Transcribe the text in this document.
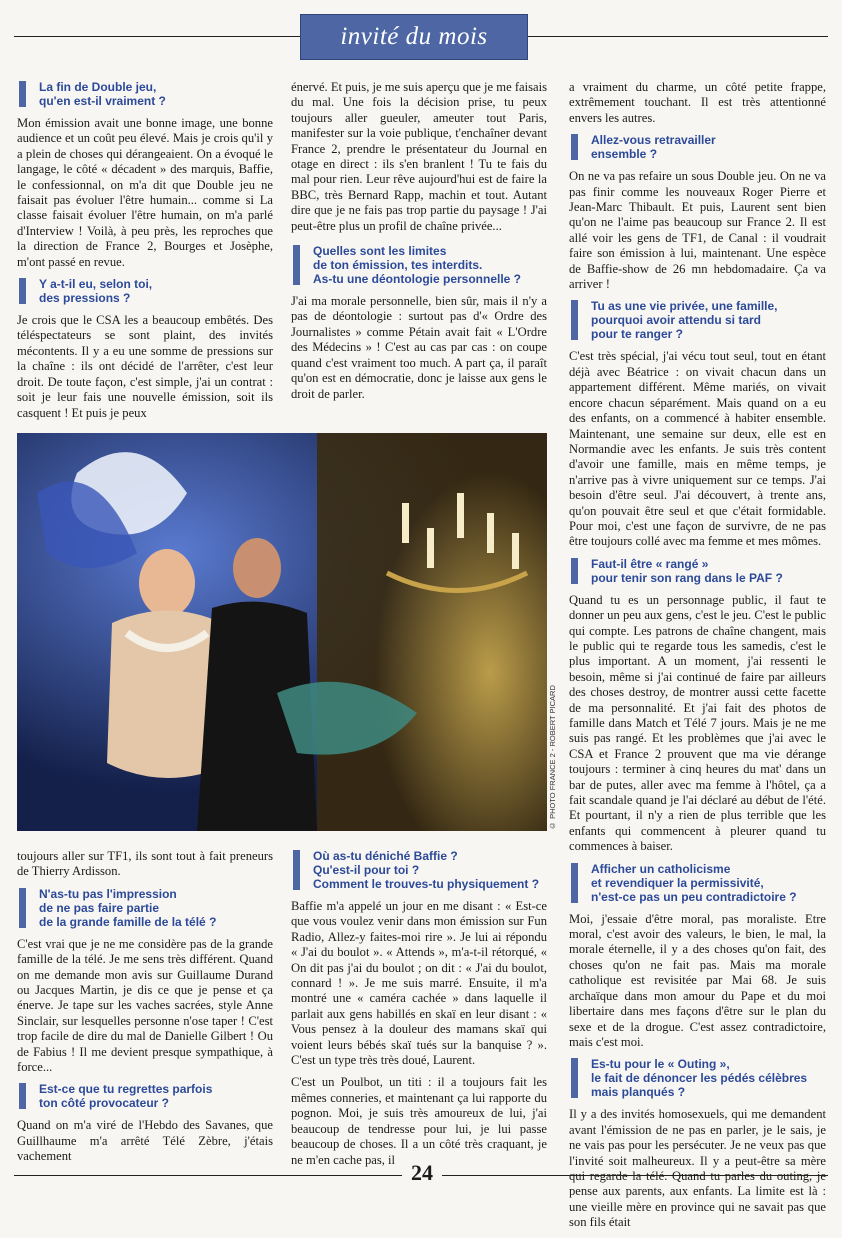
invité du mois
La fin de Double jeu,
qu'en est-il vraiment ?

Mon émission avait une bonne image, une bonne audience et un coût peu élevé. Mais je crois qu'il y a plein de choses qui dérangeaient. On a évoqué le langage, le côté « décadent » des marquis, Baffie, le confessionnal, on m'a dit que Double jeu ne faisait pas évoluer l'être humain... comme si La classe faisait évoluer l'être humain, on m'a parlé d'Interview ! Voilà, à peu près, les reproches que la direction de France 2, Bourges et Josèphe, m'ont passé en revue.

Y a-t-il eu, selon toi,
des pressions ?

Je crois que le CSA les a beaucoup embêtés. Des téléspectateurs se sont plaint, des invités mécontents. Il y a eu une somme de pressions sur la chaîne : ils ont décidé de l'arrêter, c'est leur droit. De toute façon, c'est simple, j'ai un contrat : soit je leur fais une nouvelle émission, soit ils casquent ! Et puis je peux

énervé. Et puis, je me suis aperçu que je me faisais du mal. Une fois la décision prise, tu peux toujours aller gueuler, ameuter tout Paris, manifester sur la voie publique, t'enchaîner devant France 2, prendre le présentateur du Journal en otage en direct : ils s'en branlent ! Tu te fais du mal pour rien. Leur rêve aujourd'hui est de faire la BBC, très Bernard Rapp, machin et tout. Autant dire que je ne fais pas trop partie du paysage ! J'ai peut-être plus un profil de chaîne privée...

Quelles sont les limites
de ton émission, tes interdits.
As-tu une déontologie personnelle ?

J'ai ma morale personnelle, bien sûr, mais il n'y a pas de déontologie : surtout pas d'« Ordre des Journalistes » comme Pétain avait fait « L'Ordre des Médecins » ! C'est au cas par cas : on coupe quand c'est vraiment too much. A part ça, il paraît qu'on est en démocratie, donc je laisse aux gens le droit de parler.

© PHOTO FRANCE 2 - ROBERT PICARD

a vraiment du charme, un côté petite frappe, extrêmement touchant. Il est très attentionné envers les autres.

Allez-vous retravailler
ensemble ?

On ne va pas refaire un sous Double jeu. On ne va pas finir comme les nouveaux Roger Pierre et Jean-Marc Thibault. Et puis, Laurent sent bien qu'on ne l'aime pas beaucoup sur France 2. Il est allé voir les gens de TF1, de Canal : il voudrait faire son émission à lui, maintenant. Une espèce de Baffie-show de 26 mn hebdomadaire. Ça va arriver !

Tu as une vie privée, une famille,
pourquoi avoir attendu si tard
pour te ranger ?

C'est très spécial, j'ai vécu tout seul, tout en étant déjà avec Béatrice : on vivait chacun dans un appartement différent. Même mariés, on vivait encore chacun séparément. Mais quand on a eu des enfants, on a commencé à habiter ensemble. Maintenant, une semaine sur deux, elle est en Normandie avec les enfants. Je suis très content d'avoir une famille, mais en même temps, je n'arrive pas à vivre uniquement sur ce temps. J'ai besoin d'être seul. J'ai découvert, à trente ans, qu'on pouvait être seul et que c'était formidable. Pour moi, c'est une façon de survivre, de ne pas être toujours collé avec ma femme et mes mômes.

Faut-il être « rangé »
pour tenir son rang dans le PAF ?

Quand tu es un personnage public, il faut te donner un peu aux gens, c'est le jeu. C'est le public qui compte. Les patrons de chaîne changent, mais le public qui te regarde tous les samedis, c'est le plus important. A un moment, j'ai ressenti le besoin, même si j'ai continué de faire par ailleurs des choses destroy, de montrer aussi cette facette de ma personnalité. Et j'ai fait des photos de famille dans Match et Télé 7 jours. Mais je ne me suis pas rangé. Et les problèmes que j'ai avec le CSA et France 2 prouvent que ma vie dérange toujours : terminer à cinq heures du mat' dans un bar de putes, aller avec ma femme à l'hôtel, ça a fait scandale quand je l'ai déclaré au début de l'été. Et pourtant, il n'y a rien de plus terrible que les enfants qui commencent à pleurer quand tu commences à baiser.

Afficher un catholicisme
et revendiquer la permissivité,
n'est-ce pas un peu contradictoire ?

Moi, j'essaie d'être moral, pas moraliste. Etre moral, c'est avoir des valeurs, le bien, le mal, la morale éternelle, il y a des choses qu'on fait, des choses qu'on ne fait pas. Mais ma morale catholique est revisitée par Mai 68. Je suis archaïque dans mon amour du Pape et du moi libertaire dans mes façons d'être sur le plan du sexe et de la drogue. C'est assez contradictoire, mais c'est moi.

Es-tu pour le « Outing »,
le fait de dénoncer les pédés célèbres
mais planqués ?

Il y a des invités homosexuels, qui me demandent avant l'émission de ne pas en parler, je le sais, je ne vais pas pour les persécuter. Je ne veux pas que l'invité soit malheureux. Il y a peut-être sa mère qui regarde la télé. Quand tu parles du outing, je pense aux parents, aux enfants. La limite est là : une vieille mère en province qui ne savait pas que son fils était

toujours aller sur TF1, ils sont tout à fait preneurs de Thierry Ardisson.

N'as-tu pas l'impression
de ne pas faire partie
de la grande famille de la télé ?

C'est vrai que je ne me considère pas de la grande famille de la télé. Je me sens très différent. Quand on me demande mon avis sur Guillaume Durand ou Jacques Martin, je dis ce que je pense et ça énerve. Je tape sur les vaches sacrées, style Anne Sinclair, sur lesquelles personne n'ose taper ! C'est trop facile de dire du mal de Danielle Gilbert ! Ou de Fabius ! Il me devient presque sympathique, à force...

Est-ce que tu regrettes parfois
ton côté provocateur ?

Quand on m'a viré de l'Hebdo des Savanes, que Guillhaume m'a arrêté Télé Zèbre, j'étais vachement

Où as-tu déniché Baffie ?
Qu'est-il pour toi ?
Comment le trouves-tu physiquement ?

Baffie m'a appelé un jour en me disant : « Est-ce que vous voulez venir dans mon émission sur Fun Radio, Allez-y faites-moi rire ». Je lui ai répondu « J'ai du boulot ». « Attends », m'a-t-il rétorqué, « On dit pas j'ai du boulot ; on dit : « J'ai du boulot, connard ! ». Je me suis marré. Ensuite, il m'a montré une « caméra cachée » dans laquelle il parlait aux gens habillés en skaï en leur disant : « Vous pensez à la douleur des mamans skaï qui voient leurs bébés skaï tués sur la banquise ? ». C'est un type très très doué, Laurent.

C'est un Poulbot, un titi : il a toujours fait les mêmes conneries, et maintenant ça lui rapporte du pognon. Moi, je suis très amoureux de lui, j'ai beaucoup de tendresse pour lui, je lui passe beaucoup de choses. Il a un côté très craquant, je ne m'en cache pas, il

24
